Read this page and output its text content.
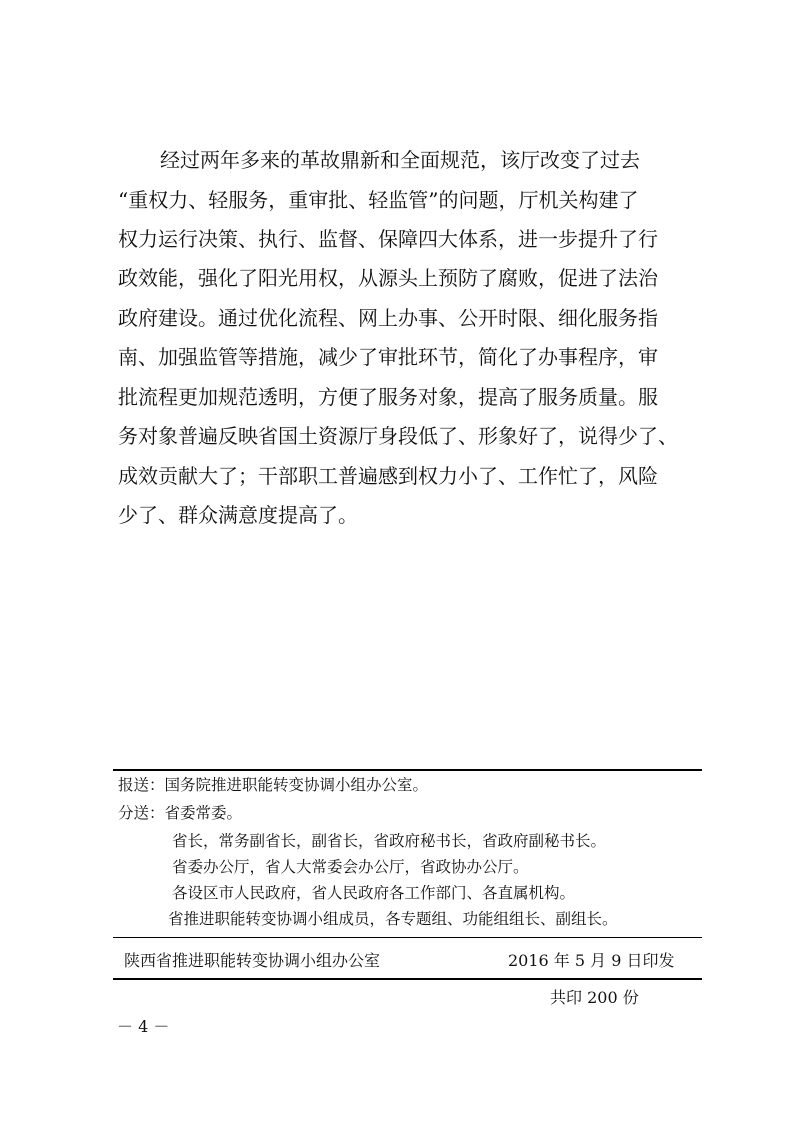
经过两年多来的革故鼎新和全面规范，该厅改变了过去
“重权力、轻服务，重审批、轻监管”的问题，厅机关构建了
权力运行决策、执行、监督、保障四大体系，进一步提升了行
政效能，强化了阳光用权，从源头上预防了腐败，促进了法治
政府建设。通过优化流程、网上办事、公开时限、细化服务指
南、加强监管等措施，减少了审批环节，简化了办事程序，审
批流程更加规范透明，方便了服务对象，提高了服务质量。服
务对象普遍反映省国土资源厅身段低了、形象好了，说得少了、
成效贡献大了；干部职工普遍感到权力小了、工作忙了，风险
少了、群众满意度提高了。
报送：国务院推进职能转变协调小组办公室。
分送：省委常委。
省长，常务副省长，副省长，省政府秘书长，省政府副秘书长。
省委办公厅，省人大常委会办公厅，省政协办公厅。
各设区市人民政府，省人民政府各工作部门、各直属机构。
省推进职能转变协调小组成员，各专题组、功能组组长、副组长。
陕西省推进职能转变协调小组办公室	2016 年 5 月 9 日印发
共印 200 份
－ 4 －
